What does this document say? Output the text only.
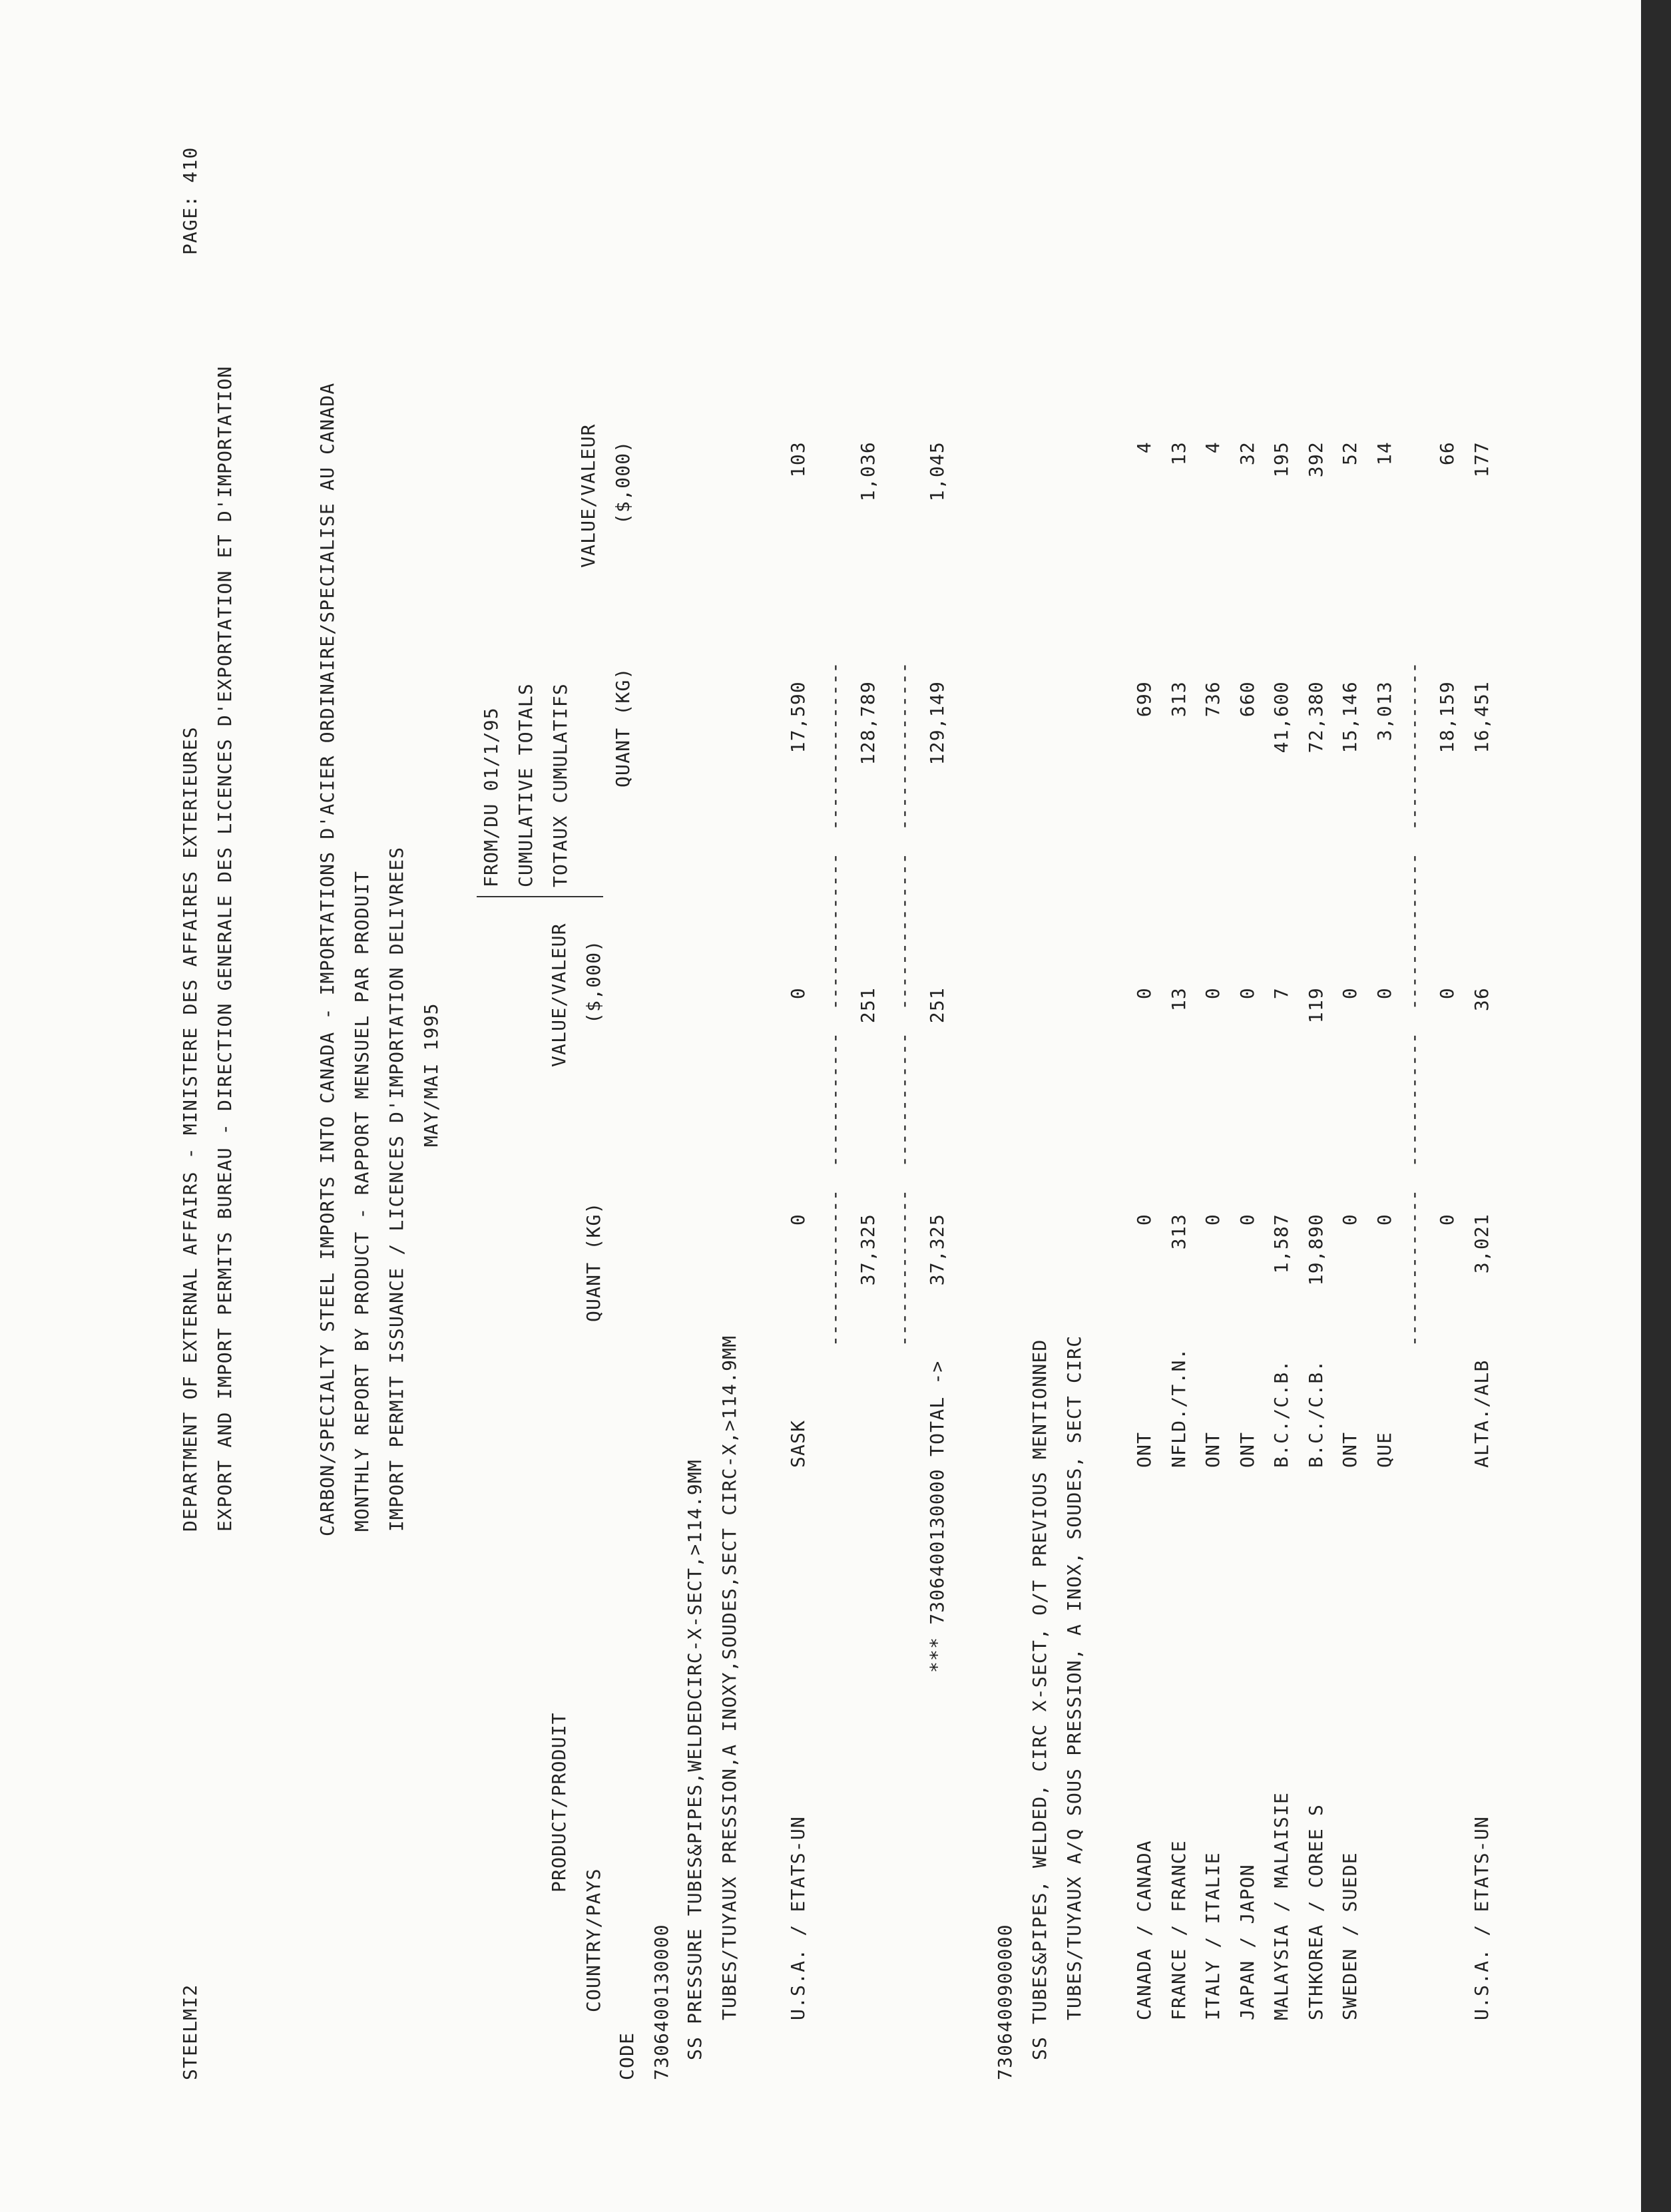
STEELMI2
DEPARTMENT OF EXTERNAL AFFAIRS - MINISTERE DES AFFAIRES EXTERIEURES EXPORT AND IMPORT PERMITS BUREAU - DIRECTION GENERALE DES LICENCES D'EXPORTATION ET D'IMPORTATION
PAGE: 410
CARBON/SPECIALTY STEEL IMPORTS INTO CANADA - IMPORTATIONS D'ACIER ORDINAIRE/SPECIALISE AU CANADA MONTHLY REPORT BY PRODUCT - RAPPORT MENSUEL PAR PRODUIT IMPORT PERMIT ISSUANCE / LICENCES D'IMPORTATION DELIVREES MAY/MAI 1995
FROM/DU 01/1/95 CUMULATIVE TOTALS TOTAUX CUMULATIFS
VALUE/VALEUR ($,000)
QUANT (KG)
VALUE/VALEUR ($,000)
QUANT (KG)
PRODUCT/PRODUIT
COUNTRY/PAYS
CODE 7306400130000 SS PRESSURE TUBES&PIPES,WELDEDCIRC-X-SECT,>114.9MM TUBES/TUYAUX PRESSION,A INOXY,SOUDES,SECT CIRC-X,>114.9MM	U.S.A. / ETATS-UN
SASK
0
0
17,590
103
--------------  ------------  --------------  --------------- 37,325
251
128,789
1,036
--------------  ------------  --------------  ---------------
*** 7306400130000 TOTAL ->
37,325
251
129,149
1,045
7306400900000 SS TUBES&PIPES, WELDED, CIRC X-SECT, O/T PREVIOUS MENTIONNED TUBES/TUYAUX A/Q SOUS PRESSION, A INOX, SOUDES, SECT CIRC	CANADA / CANADA
ONT
0
0
699
4
FRANCE / FRANCE
NFLD./T.N.
313
13
313
13
ITALY / ITALIE
ONT
0
0
736
4
JAPAN / JAPON
ONT
0
0
660
32
MALAYSIA / MALAISIE
B.C./C.B.
1,587
7
41,600
195
STHKOREA / COREE S
B.C./C.B.
19,890
119
72,380
392
SWEDEN / SUEDE
ONT
0
0
15,146
52
QUE
0
0
3,013
14
--------------  ------------  --------------  --------------- 0
0
18,159
66
U.S.A. / ETATS-UN
ALTA./ALB
3,021
36
16,451
177
